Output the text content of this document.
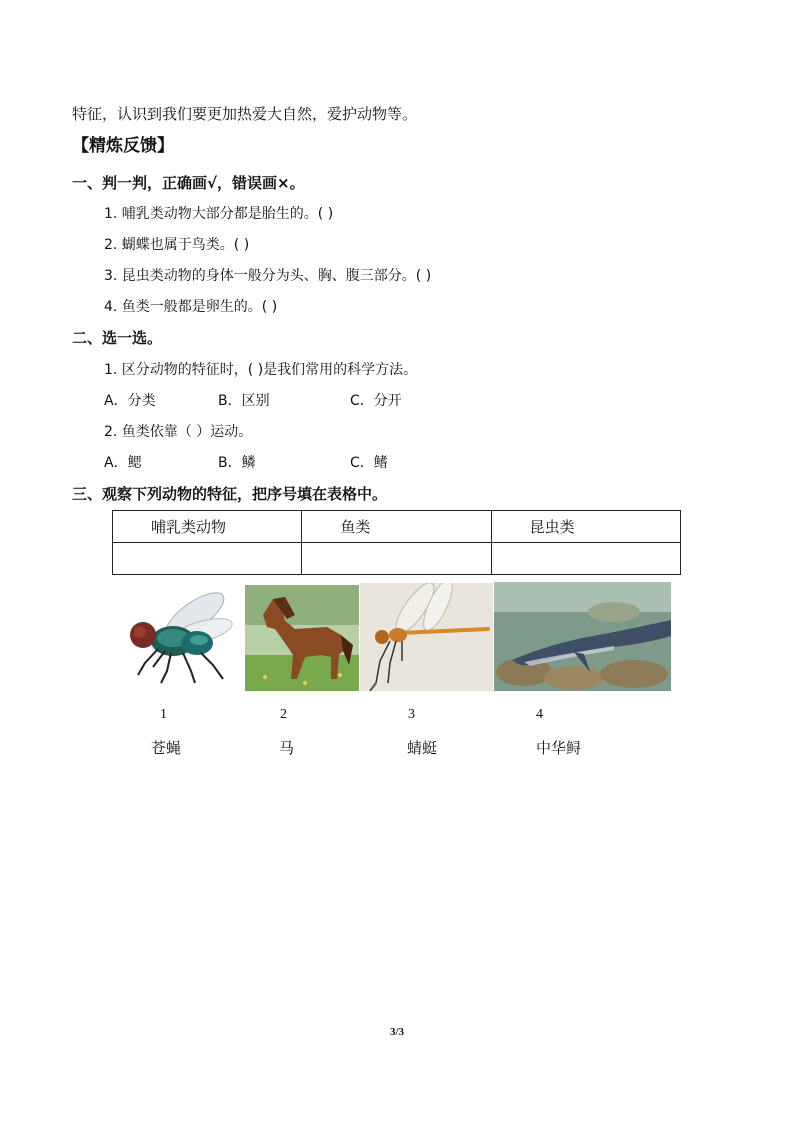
特征，认识到我们要更加热爱大自然，爱护动物等。
【精炼反馈】
一、判一判，正确画√，错误画×。
1. 哺乳类动物大部分都是胎生的。( )
2. 蝴蝶也属于鸟类。( )
3. 昆虫类动物的身体一般分为头、胸、腹三部分。( )
4. 鱼类一般都是卵生的。( )
二、选一选。
1. 区分动物的特征时，( )是我们常用的科学方法。
A．分类	B．区别	C．分开
2. 鱼类依靠（ ）运动。
A．鳃	B．鳞	C．鳍
三、观察下列动物的特征，把序号填在表格中。
哺乳类动物	鱼类	昆虫类

1	2	3	4
苍蝇	马	蜻蜓	中华鲟
3/3
